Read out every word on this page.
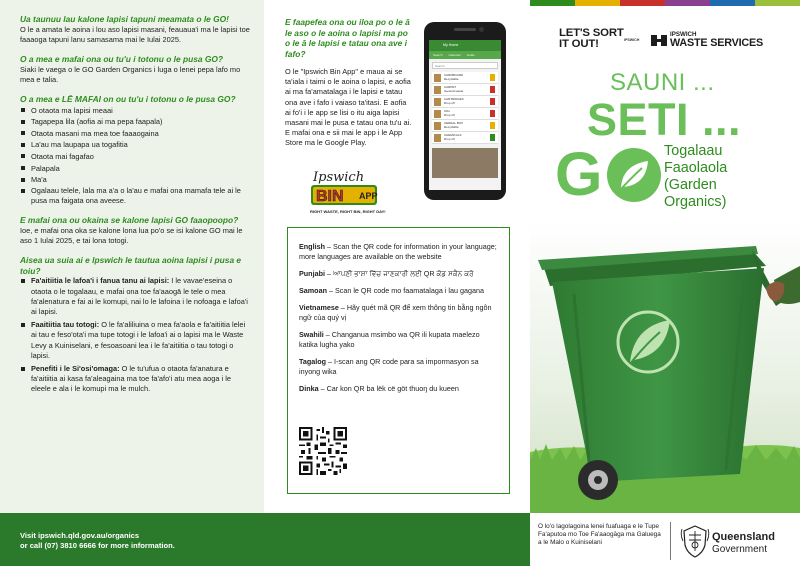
Ua taunuu lau kalone lapisi tapuni meamata o le GO!

O le a amata le aoina i lou aso lapisi masani, feauaua'i ma le lapisi toe faaaoga tapuni lanu samasama mai le Iulai 2025.

O a mea e mafai ona ou tu'u i totonu o le pusa GO?

Siaki le vaega o le GO Garden Organics i luga o lenei pepa lafo mo mea e talia.

O a mea e LĒ MAFAI on ou tu'u i totonu o le pusa GO?

O otaota ma lapisi meaai
Tagapepa lila (aofia ai ma pepa faapala)
Otaota masani ma mea toe faaaogaina
La'au ma laupapa ua togafitia
Otaota mai fagafao
Palapala
Ma'a
Ogalaau telele, lala ma a'a o la'au e mafai ona mamafa tele ai le pusa ma faigata ona aveese.

E mafai ona ou okaina se kalone lapisi GO faaopoopo?

Ioe, e mafai ona oka se kalone lona lua po'o se isi kalone GO mai le aso 1 Iulai 2025, e tai lona totogi.

Aisea ua suia ai e Ipswich le tautua aoina lapisi i pusa e toiu?

Fa'aitiitia le lafoa'i i fanua tanu ai lapisi: I le vavae'eseina o otaota o le togalaau, e mafai ona toe fa'aaogā le tele o mea fa'alenatura e fai ai le komupi, nai lo le lafoina i le nofoaga e lafoa'i ai lapisi.
Faaitiitia tau totogi: O le fa'aliliuina o mea fa'aola e fa'aitiitia lelei ai tau e feso'ota'i ma tupe totogi i le lafoa'i ai o lapisi ma le Waste Levy a Kuiniselani, e fesoasoani lea i le fa'aitiitia o tau totogi o lapisi.
Penefiti i le Si'osi'omaga: O le tu'ufua o otaota fa'anatura e fa'aitiitia ai kasa fa'aleagaina ma toe fa'afo'i atu mea aoga i le eleele e ala i le komupi ma le mulch.
Visit ipswich.qld.gov.au/organics
or call (07) 3810 6666 for more information.
O lo'o lagolagoina lenei fuafuaga e le Tupe Fa'aputoa mo Toe Fa'aaogāga ma Galuega a le Malo o Kuiniselani	Queensland
Government

E faapefea ona ou iloa po o le ā le aso o le aoina o lapisi ma po o le ā le lapisi e tatau ona ave i fafo?

O le "Ipswich Bin App" e maua ai se ta'iala i taimi o le aoina o lapisi, e aofia ai ma fa'amatalaga i le lapisi e tatau ona ave i fafo i vaiaso ta'itasi. E aofia ai fo'i i le app se lisi o itu aiga lapisi masani mai le pusa e tatau ona tu'u ai. E mafai ona e sii mai le app i le App Store ma le Google Play.

My Home
Search Calendar Guide
Search
CARDBOARD
Recyclable
CARPET
General waste
CARTRIDGES
Drop off
CDs
Drop off
CEREAL BOX
Recyclable
CHEMICALS
Drop off
Ipswich
BIN APP
RIGHT WASTE, RIGHT BIN, RIGHT DAY!

English – Scan the QR code for information in your language; more languages are available on the website

Punjabi – ਆਪਣੀ ਭਾਸ਼ਾ ਵਿੱਚ ਜਾਣਕਾਰੀ ਲਈ QR ਕੋਡ ਸਕੈਨ ਕਰੋ

Samoan – Scan le QR code mo faamatalaga i lau gagana

Vietnamese – Hãy quét mã QR để xem thông tin bằng ngôn ngữ của quý vị

Swahili – Changanua msimbo wa QR ili kupata maelezo katika lugha yako

Tagalog – I-scan ang QR code para sa impormasyon sa inyong wika

Dinka – Car kon QR ba lëk cë göt thuoŋ du kueen

LET'S SORT
IT OUT!	IPSWICH
IPSWICH
WASTE SERVICES
SAUNI ...
SETI ...
G	Togalaau
Faaolaola
(Garden
Organics)
